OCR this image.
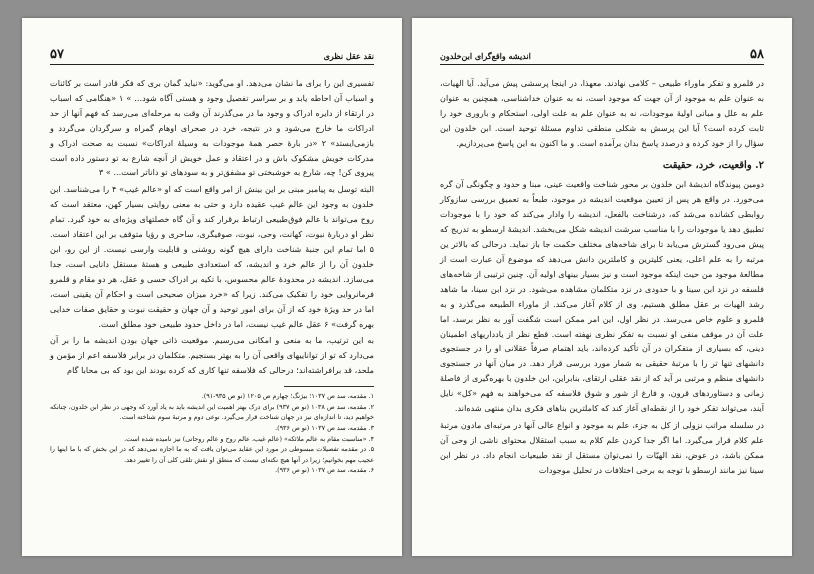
۵۷	نقد عقل نظری

تفسیری این را برای ما نشان می‌دهد. او می‌گوید: «نباید گمان بری که فکر قادر است بر کائنات و اسباب آن احاطه یابد و بر سراسر تفصیل وجود و هستی آگاه شود... » ۱ «هنگامی که اسباب در ارتقاء از دایره ادراک و وجود ما در می‌گذرند آن وقت به مرحله‌ای می‌رسد که فهم آنها از حد ادراکات ما خارج می‌شود و در نتیجه، خرد در صحرای اوهام گمراه و سرگردان می‌گردد و بازمی‌ایستد» ۲ «در بارهٔ حصر همهٔ موجودات به وسیلهٔ ادراکات» نسبت به صحت ادراک و مدرکات خویش مشکوک باش و در اعتقاد و عمل خویش از آنچه شارع به تو دستور داده است پیروی کن! چه، شارع به خوشبختی تو مشفق‌تر و به سودهای تو داناتر است... » ۳

البته توسل به پیامبر مبنی بر این بینش از امر واقع است که او «عالم غیب» ۴ را می‌شناسد. ابن خلدون به وجود این عالم غیب عقیده دارد و حتی به معنی روایتی بسیار کهن، معتقد است که روح می‌تواند با عالم فوق‌طبیعی ارتباط برقرار کند و آن گاه خصلتهای ویژه‌ای به خود گیرد. تمام نظر او دربارهٔ نبوت، کهانت، وحی، نبوت، صوفیگری، ساحری و رؤیا متوقف بر این اعتقاد است. ۵ اما تمام این جنبهٔ شناخت دارای هیچ گونه روشنی و قابلیت وارسی نیست. از این رو، ابن خلدون آن را از عالم خرد و اندیشه، که استعدادی طبیعی و هستهٔ مستقل دانایی است، جدا می‌سازد. اندیشه در محدودهٔ عالم محسوس، با تکیه بر ادراک حسی و عقل، هر دو مقام و قلمرو فرمانروایی خود را تفکیک می‌کند. زیرا که «خرد میزان صحیحی است و احکام آن یقینی است، اما در حد ویژهٔ خود که از آن برای امور توحید و آن جهان و حقیقت نبوت و حقایق صفات خدایی بهره گرفت» ۶ عقل عالم غیب نیست، اما در داخل حدود طبیعی خود مطلق است.

به این ترتیب، ما به منعی و امکانی می‌رسیم. موقعیت ذاتی جهان بودن اندیشه ما را بر آن می‌دارد که تو از تواناییهای واقعی آن را به بهتر بسنجیم. متکلمان در برابر فلاسفه اعم از مؤمن و ملحد، قد برافراشته‌اند؛ درحالی که فلاسفه تنها کاری که کرده بودند این بود که بی محابا گام

۱. مقدمه، سد ص ۱۰۳۷؛ بیژنگ؛ چهارم ص ۱۲۰۵ (نو ص ۹۳۵-۹۱).
۲. مقدمه، سد ص ۱۰۳۸ (نو ص ۹۳۷) برای درک بهتر اهمیت این اندیشه باید به یاد آورد که وجهی در نظر ابن خلدون، چنانکه خواهیم دید، تا اندازه‌ای نیز در جهان شناخت قرار می‌گیرد. نوعی دوم و مرتبهٔ سوم شناخته است.
۳. مقدمه، سد ص ۱۰۳۷ (نو ص ۹۳۶).
۴. «مناسبت مقام به عالم ملائکه» (عالم غیب، عالم روح و عالم روحانی) نیز نامیده شده است.
۵. در مقدمه تفصیلات مبسوطی در مورد این عقاید می‌توان یافت که به ما اجازه نمی‌دهد که در این بخش که با ما اینها را عجیب مهم بخوانیم؛ زیرا در آنها هیچ نکته‌ای نیست که منطق او نقش تلقی کلی آن را تغییر دهد.
۶. مقدمه، سد ص ۱۰۳۷ (نو ص ۹۳۶).
۵۸
اندیشه واقع‌گرای ابن‌خلدون

در قلمرو و تفکر ماوراء طبیعی – کلامی نهادند. معهذا، در اینجا پرسشی پیش می‌آید. آیا الهیات، به عنوان علم به موجود از آن جهت که موجود است، نه به عنوان خداشناسی، همچنین به عنوان علم به علل و مبانی اولیهٔ موجودات، نه به عنوان علم به علت اولی، استحکام و باروری خود را ثابت کرده است؟ آیا این پرسش به شکلی منطقی تداوم مسئلهٔ توحید است. ابن خلدون این سؤال را از خود کرده و درصدد پاسخ بدان برآمده است. و ما اکنون به این پاسخ می‌پردازیم.

۲. واقعیت، خرد، حقیقت

دومین پیوندگاه اندیشهٔ ابن خلدون بر محور شناخت واقعیت عینی، مبنا و حدود و چگونگی آن گره می‌خورد. در واقع هر پس از تعیین موقعیت اندیشه در موجود، طبعاً به تعمیق بررسی سازوکار روابطی کشانده می‌شد که، درشناخت بالفعل، اندیشه را وادار می‌کند که خود را با موجودات تطبیق دهد یا موجودات را با مناسب سرشت اندیشه شکل می‌بخشد. اندیشهٔ ارسطو به تدریج که پیش می‌رود گسترش می‌یابد تا برای شاخه‌های مختلف حکمت جا باز نماید. درحالی که بالاتر ین مرتبه را به علم اعلی، یعنی کلیترین و کاملترین دانش می‌دهد که موضوع آن عبارت است از مطالعهٔ موجود من حیث اینکه موجود است و نیز بسیار بینهای اولیه آن. چنین ترتیبی از شاخه‌های فلسفه در نزد ابن سینا و با حدودی در نزد متکلمان مشاهده می‌شود. در نزد ابن سینا، ما شاهد رشد الهیات بر عقل مطلق هستیم، وی از کلام آغاز می‌کند. از ماوراء الطبیعه می‌گذرد و به قلمرو و علوم خاص می‌رسد. در نظر اول، این امر ممکن است شگفت آور به نظر برسد، اما علت آن در موقف منفی او نسبت به تفکر نظری نهفته است. قطع نظر از یادداریهای اطمینان دینی، که بسیاری از متفکران در آن تأکید کرده‌اند، باید اهتمام صرفاً عقلانی او را در جستجوی دانشهای تنها تر را با مرتبهٔ حقیقی به شمار مورد بررسی قرار دهد. در میان آنها در جستجوی دانشهای منظم و مرتبی بر آید که از نقد عقلی ارتقای، بنابراین، ابن خلدون با بهره‌گیری از فاصلهٔ زمانی و دستاوردهای قرون، و فارغ از شور و شوق فلاسفه که می‌خواهند به فهم «کل» نایل آیند، می‌تواند تفکر خود را از نقطه‌ای آغاز کند که کاملترین بناهای فکری بدان منتهی شده‌اند.

در سلسله مراتب نزولی از کل به جزء، علم به موجود و انواع عالی آنها در مرتبه‌ای مادون مرتبهٔ علم کلام قرار می‌گیرد. اما اگر جدا کردن علم کلام به سبب استقلال محتوای ناشی از وحی آن ممکن باشد، در عوض، نقد الهیّات را نمی‌توان مستقل از نقد طبیعیات انجام داد. در نظر ابن سینا نیز مانند ارسطو با توجه به برخی اختلافات در تحلیل موجودات
